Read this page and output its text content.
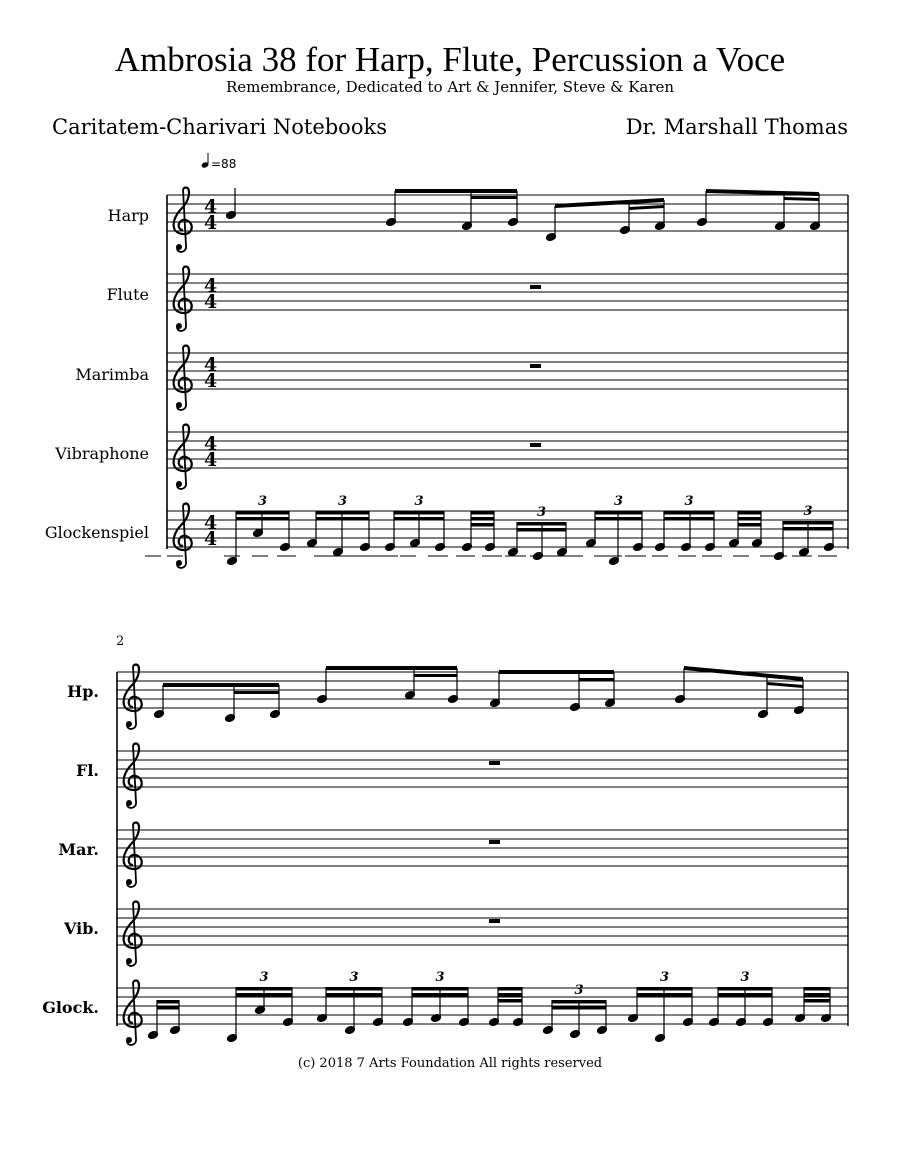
Ambrosia 38 for Harp, Flute, Percussion a Voce
Remembrance, Dedicated to Art & Jennifer, Steve & Karen
Caritatem-Charivari Notebooks	Dr. Marshall Thomas
=88
Harp
Flute
Marimba
Vibraphone
Glockenspiel
4
4
4
4
4
4
4
4
4
4
2
Hp.
Fl.
Mar.
Vib.
Glock.
3	3	3
3
3	3
3
3	3	3
3
3	3
(c) 2018 7 Arts Foundation All rights reserved
